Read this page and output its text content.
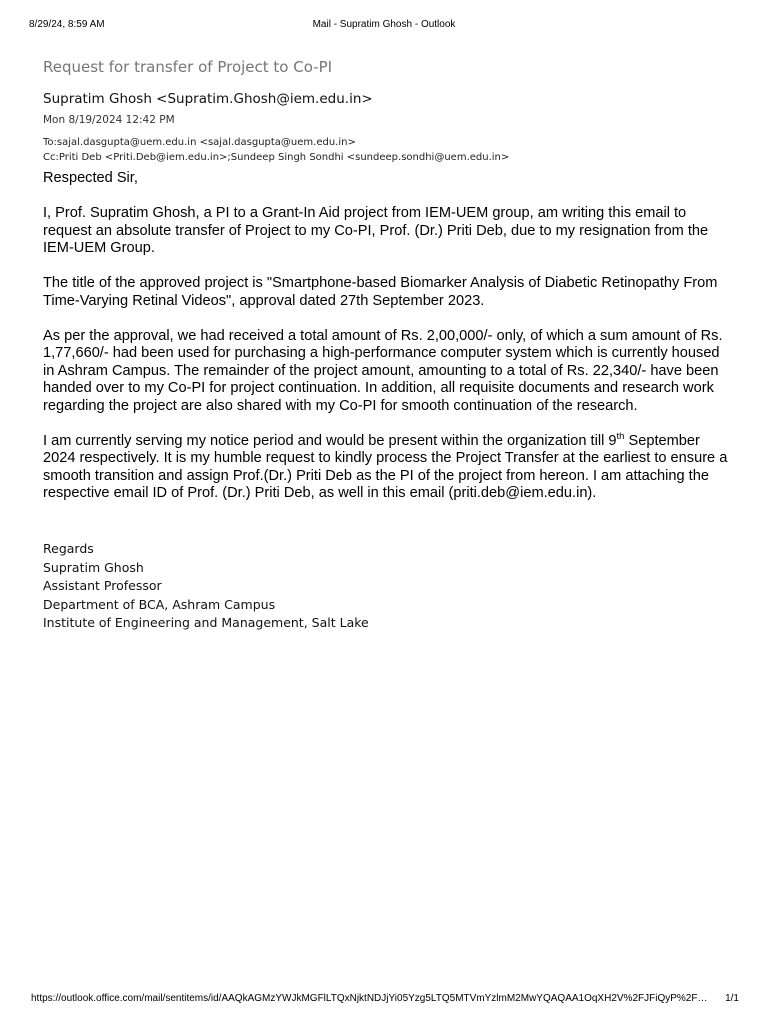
8/29/24, 8:59 AM	Mail - Supratim Ghosh - Outlook
Request for transfer of Project to Co-PI
Supratim Ghosh <Supratim.Ghosh@iem.edu.in>
Mon 8/19/2024 12:42 PM
To:sajal.dasgupta@uem.edu.in <sajal.dasgupta@uem.edu.in>
Cc:Priti Deb <Priti.Deb@iem.edu.in>;Sundeep Singh Sondhi <sundeep.sondhi@uem.edu.in>

Respected Sir,

I, Prof. Supratim Ghosh, a PI to a Grant-In Aid project from IEM-UEM group, am writing this email to request an absolute transfer of Project to my Co-PI, Prof. (Dr.) Priti Deb, due to my resignation from the IEM-UEM Group.

The title of the approved project is "Smartphone-based Biomarker Analysis of Diabetic Retinopathy From Time-Varying Retinal Videos", approval dated 27th September 2023.

As per the approval, we had received a total amount of Rs. 2,00,000/- only, of which a sum amount of Rs. 1,77,660/- had been used for purchasing a high-performance computer system which is currently housed in Ashram Campus. The remainder of the project amount, amounting to a total of Rs. 22,340/- have been handed over to my Co-PI for project continuation. In addition, all requisite documents and research work regarding the project are also shared with my Co-PI for smooth continuation of the research.

I am currently serving my notice period and would be present within the organization till 9th September 2024 respectively. It is my humble request to kindly process the Project Transfer at the earliest to ensure a smooth transition and assign Prof.(Dr.) Priti Deb as the PI of the project from hereon. I am attaching the respective email ID of Prof. (Dr.) Priti Deb, as well in this email (priti.deb@iem.edu.in).

Regards
Supratim Ghosh
Assistant Professor
Department of BCA, Ashram Campus
Institute of Engineering and Management, Salt Lake
https://outlook.office.com/mail/sentitems/id/AAQkAGMzYWJkMGFlLTQxNjktNDJjYi05Yzg5LTQ5MTVmYzlmM2MwYQAQAA1OqXH2V%2FJFiQyP%2F…	1/1
